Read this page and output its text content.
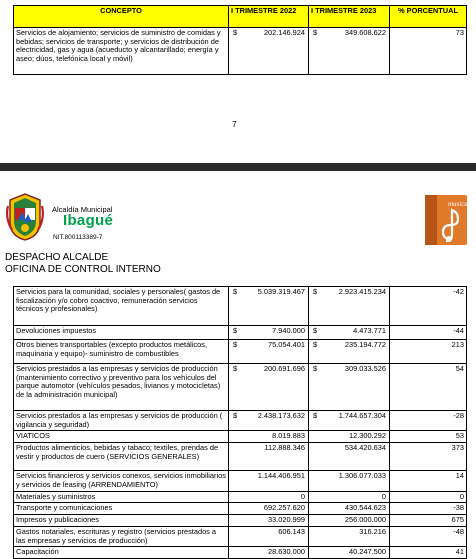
CONCEPTO	I TRIMESTRE 2022	I TRIMESTRE 2023	% PORCENTUAL
Servicios de alojamiento; servicios de suministro de comidas y bebidas; servicios de transporte; y servicios de distribución de electricidad, gas y agua (acueducto y alcantarillado; energía y aseo; dúos, telefónica local y móvil)	$ 202.146.924	$ 349.608.622	73
7
Alcaldía Municipal
Ibagué
NIT.800113389-7
musical
DESPACHO ALCALDE
OFICINA DE CONTROL INTERNO
Servicios para la comunidad, sociales y personales( gastos de fiscalización y/o cobro coactivo, remuneración servicios técnicos y profesionales)	$ 5.039.319.467	$ 2.923.415.234	-42
Devoluciones impuestos	$ 7.940.000	$ 4.473.771	-44
Otros bienes transportables (excepto productos metálicos, maquinaria y equipo)- suministro de combustibles	$ 75.054.401	$ 235.194.772	213
Servicios prestados a las empresas y servicios de producción (mantenimiento correctivo y preventivo para los vehículos del parque automotor (vehículos pesados, livianos y motocicletas) de la administración municipal)	$ 200.691.696	$ 309.033.526	54
Servicios prestados a las empresas y servicios de producción ( vigilancia y seguridad)	$ 2.438.173.632	$ 1.744.657.304	-28
VIATICOS	8.019.883	12.300.292	53
Productos alimenticios, bebidas y tabaco; textiles, prendas de vestir y productos de cuero (SERVICIOS GENERALES)	112.888.346	534.420.634	373
Servicios financieros y servicios conexos, servicios inmobiliarios y servicios de leasing (ARRENDAMIENTO)	1.144.406.951	1.306.077.033	14
Materiales y suministros	0	0	0
Transporte y comunicaciones	692.257.620	430.544.623	-38
Impresos y publicaciones	33.020.999	256.000.000	675
Gastos notariales, escrituras y registro (servicios prestados a las empresas y servicios de producción)	606.143	316.216	-48
Capacitación	28.630.000	40.247.500	41
